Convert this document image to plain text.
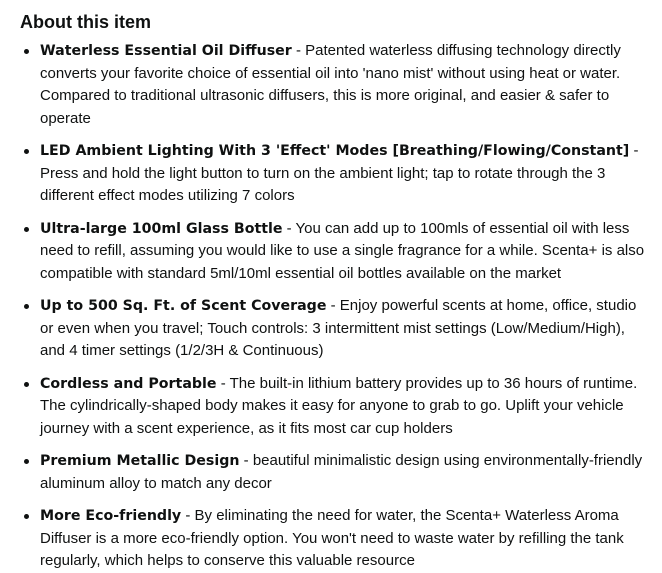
About this item
Waterless Essential Oil Diffuser - Patented waterless diffusing technology directly converts your favorite choice of essential oil into 'nano mist' without using heat or water. Compared to traditional ultrasonic diffusers, this is more original, and easier & safer to operate
LED Ambient Lighting With 3 'Effect' Modes [Breathing/Flowing/Constant] -Press and hold the light button to turn on the ambient light; tap to rotate through the 3 different effect modes utilizing 7 colors
Ultra-large 100ml Glass Bottle - You can add up to 100mls of essential oil with less need to refill, assuming you would like to use a single fragrance for a while. Scenta+ is also compatible with standard 5ml/10ml essential oil bottles available on the market
Up to 500 Sq. Ft. of Scent Coverage - Enjoy powerful scents at home, office, studio or even when you travel; Touch controls: 3 intermittent mist settings (Low/Medium/High), and 4 timer settings (1/2/3H & Continuous)
Cordless and Portable - The built-in lithium battery provides up to 36 hours of runtime. The cylindrically-shaped body makes it easy for anyone to grab to go. Uplift your vehicle journey with a scent experience, as it fits most car cup holders
Premium Metallic Design - beautiful minimalistic design using environmentally-friendly aluminum alloy to match any decor
More Eco-friendly - By eliminating the need for water, the Scenta+ Waterless Aroma Diffuser is a more eco-friendly option. You won't need to waste water by refilling the tank regularly, which helps to conserve this valuable resource
